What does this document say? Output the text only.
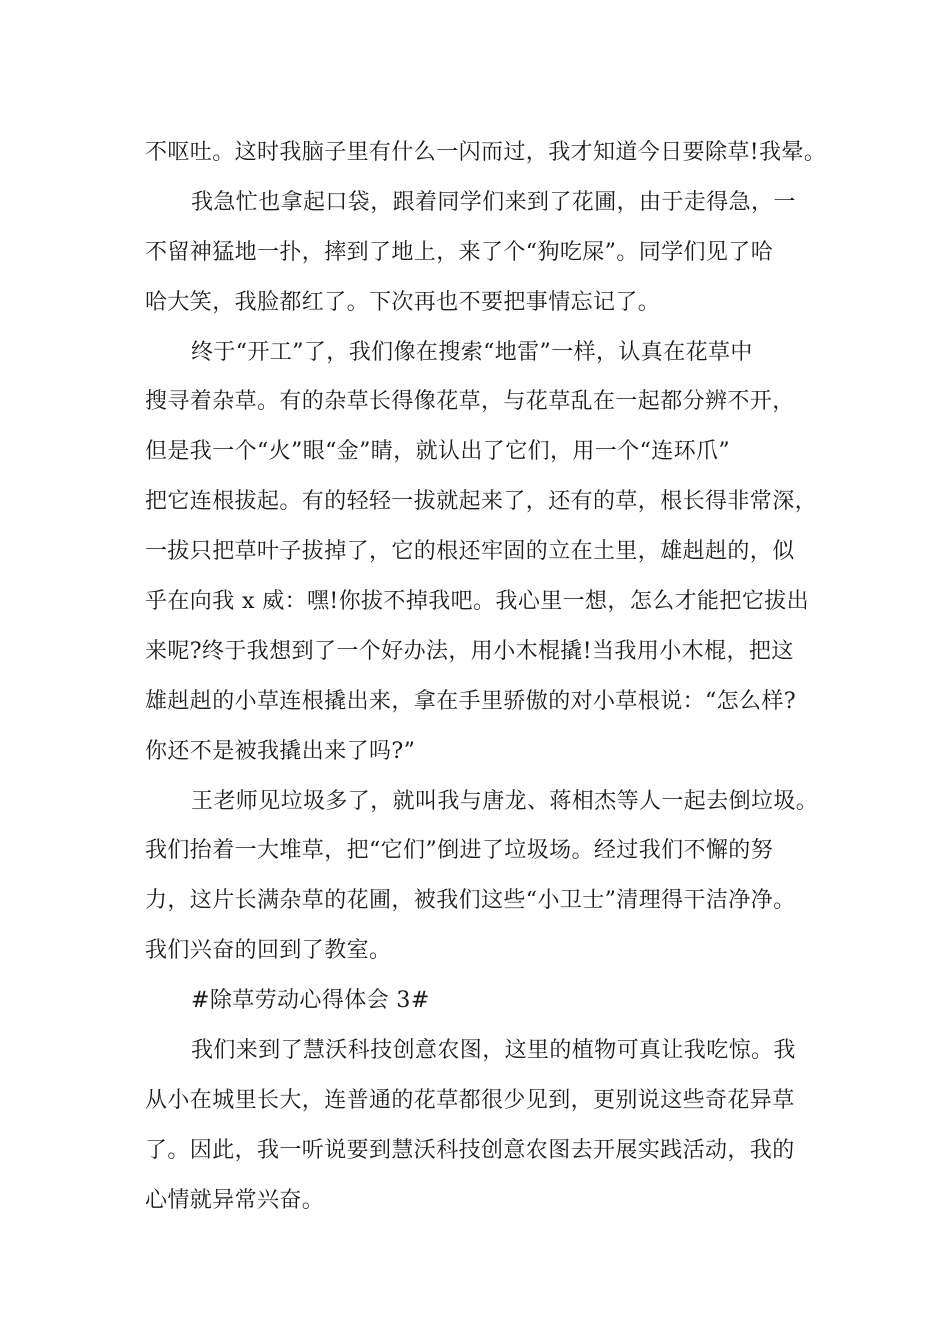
不呕吐。这时我脑子里有什么一闪而过，我才知道今日要除草!我晕。
我急忙也拿起口袋，跟着同学们来到了花圃，由于走得急，一
不留神猛地一扑，摔到了地上，来了个“狗吃屎”。同学们见了哈
哈大笑，我脸都红了。下次再也不要把事情忘记了。
终于“开工”了，我们像在搜索“地雷”一样，认真在花草中
搜寻着杂草。有的杂草长得像花草，与花草乱在一起都分辨不开，
但是我一个“火”眼“金”睛，就认出了它们，用一个“连环爪”
把它连根拔起。有的轻轻一拔就起来了，还有的草，根长得非常深，
一拔只把草叶子拔掉了，它的根还牢固的立在土里，雄赳赳的，似
乎在向我 x 威：嘿!你拔不掉我吧。我心里一想，怎么才能把它拔出
来呢?终于我想到了一个好办法，用小木棍撬!当我用小木棍，把这
雄赳赳的小草连根撬出来，拿在手里骄傲的对小草根说：“怎么样?
你还不是被我撬出来了吗?”
王老师见垃圾多了，就叫我与唐龙、蒋相杰等人一起去倒垃圾。
我们抬着一大堆草，把“它们”倒进了垃圾场。经过我们不懈的努
力，这片长满杂草的花圃，被我们这些“小卫士”清理得干洁净净。
我们兴奋的回到了教室。
#除草劳动心得体会 3#
我们来到了慧沃科技创意农图，这里的植物可真让我吃惊。我
从小在城里长大，连普通的花草都很少见到，更别说这些奇花异草
了。因此，我一听说要到慧沃科技创意农图去开展实践活动，我的
心情就异常兴奋。
